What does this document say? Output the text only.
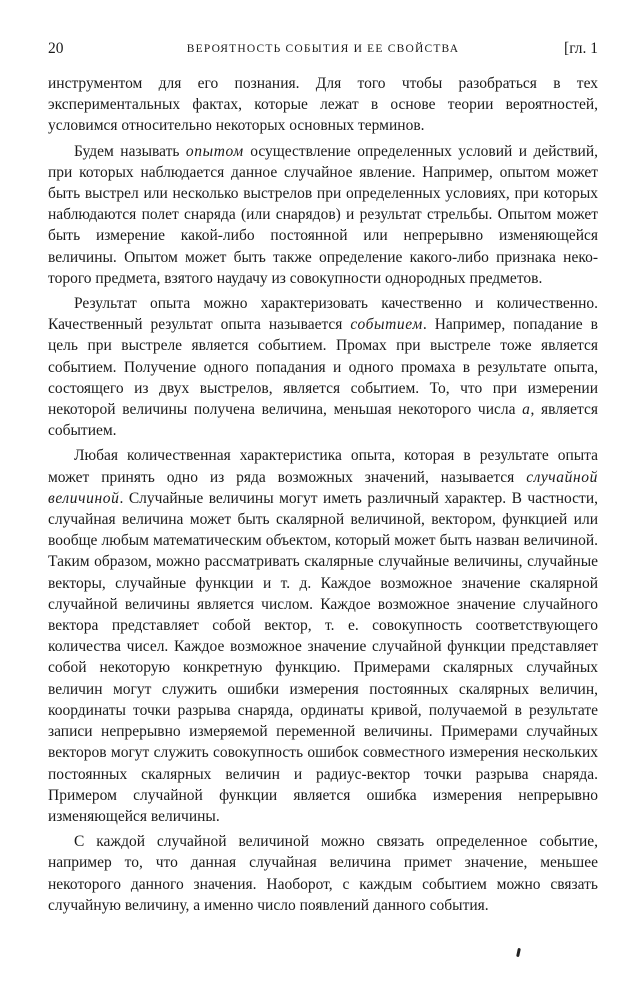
20	ВЕРОЯТНОСТЬ СОБЫТИЯ И ЕЕ СВОЙСТВА	[гл. 1

инструментом для его познания. Для того чтобы разобраться в тех экспериментальных фактах, которые лежат в основе теории вероятностей, условимся относительно некоторых основных терминов.

Будем называть опытом осуществление определенных условий и действий, при которых наблюдается данное случайное явление. Например, опытом может быть выстрел или несколько выстрелов при определенных условиях, при которых наблюдаются полет снаряда (или снарядов) и результат стрельбы. Опытом может быть измерение какой-либо постоянной или непрерывно изменяющейся величины. Опытом может быть также определение какого-либо признака некоторого предмета, взятого наудачу из совокупности однородных предметов.

Результат опыта можно характеризовать качественно и количественно. Качественный результат опыта называется событием. Например, попадание в цель при выстреле является событием. Промах при выстреле тоже является событием. Получение одного попадания и одного промаха в результате опыта, состоящего из двух выстрелов, является событием. То, что при измерении некоторой величины получена величина, меньшая некоторого числа a, является событием.

Любая количественная характеристика опыта, которая в результате опыта может принять одно из ряда возможных значений, называется случайной величиной. Случайные величины могут иметь различный характер. В частности, случайная величина может быть скалярной величиной, вектором, функцией или вообще любым математическим объектом, который может быть назван величиной. Таким образом, можно рассматривать скалярные случайные величины, случайные векторы, случайные функции и т. д. Каждое возможное значение скалярной случайной величины является числом. Каждое возможное значение случайного вектора представляет собой вектор, т. е. совокупность соответствующего количества чисел. Каждое возможное значение случайной функции представляет собой некоторую конкретную функцию. Примерами скалярных случайных величин могут служить ошибки измерения постоянных скалярных величин, координаты точки разрыва снаряда, ординаты кривой, получаемой в результате записи непрерывно измеряемой переменной величины. Примерами случайных векторов могут служить совокупность ошибок совместного измерения нескольких постоянных скалярных величин и радиус-вектор точки разрыва снаряда. Примером случайной функции является ошибка измерения непрерывно изменяющейся величины.

С каждой случайной величиной можно связать определенное событие, например то, что данная случайная величина примет значение, меньшее некоторого данного значения. Наоборот, с каждым событием можно связать случайную величину, а именно число появлений данного события.
